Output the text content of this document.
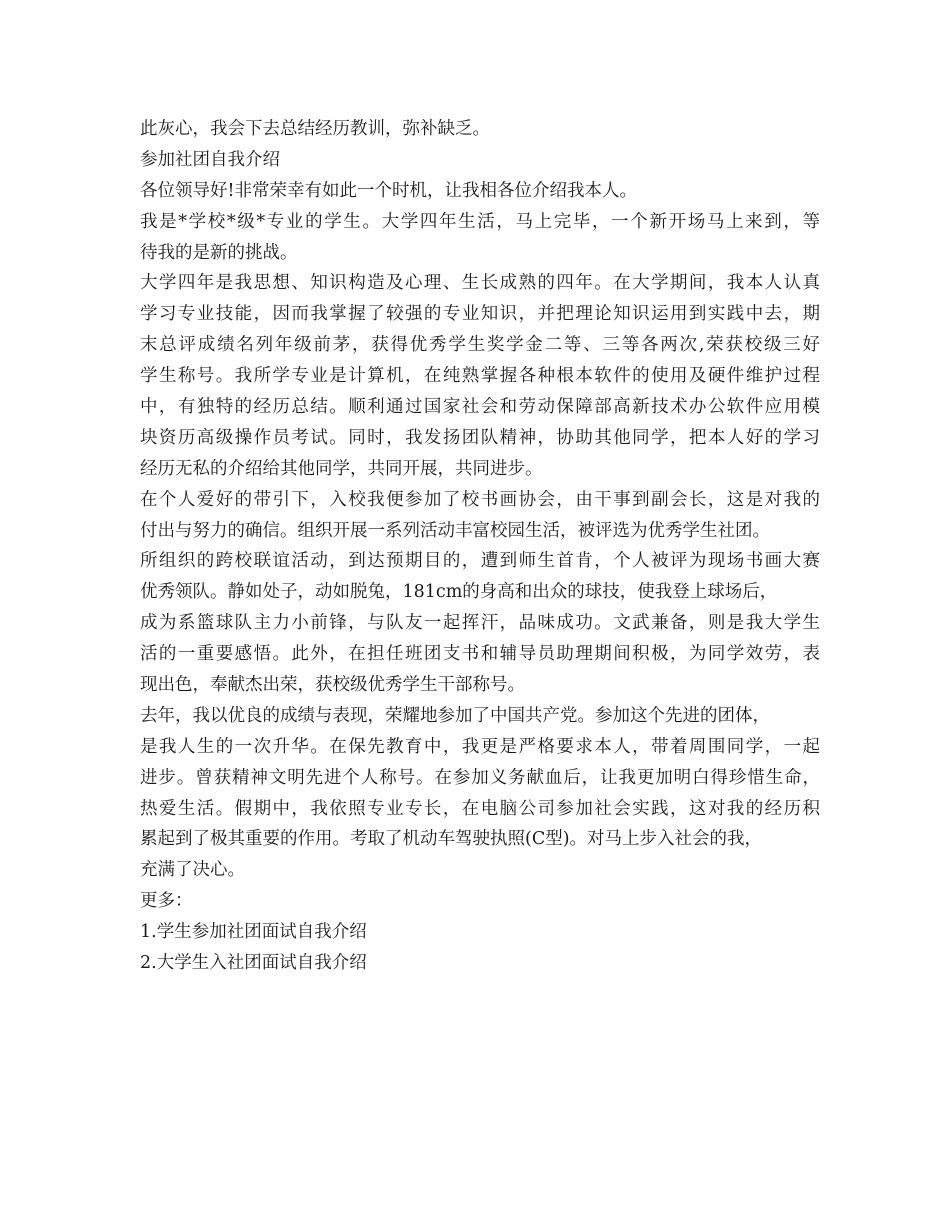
此灰心，我会下去总结经历教训，弥补缺乏。
参加社团自我介绍
各位领导好!非常荣幸有如此一个时机，让我相各位介绍我本人。
我是*学校*级*专业的学生。大学四年生活，马上完毕，一个新开场马上来到，等
待我的是新的挑战。
大学四年是我思想、知识构造及心理、生长成熟的四年。在大学期间，我本人认真
学习专业技能，因而我掌握了较强的专业知识，并把理论知识运用到实践中去，期
末总评成绩名列年级前茅，获得优秀学生奖学金二等、三等各两次,荣获校级三好
学生称号。我所学专业是计算机，在纯熟掌握各种根本软件的使用及硬件维护过程
中，有独特的经历总结。顺利通过国家社会和劳动保障部高新技术办公软件应用模
块资历高级操作员考试。同时，我发扬团队精神，协助其他同学，把本人好的学习
经历无私的介绍给其他同学，共同开展，共同进步。
在个人爱好的带引下，入校我便参加了校书画协会，由干事到副会长，这是对我的
付出与努力的确信。组织开展一系列活动丰富校园生活，被评选为优秀学生社团。
所组织的跨校联谊活动，到达预期目的，遭到师生首肯，个人被评为现场书画大赛
优秀领队。静如处子，动如脱兔，181cm的身高和出众的球技，使我登上球场后，
成为系篮球队主力小前锋，与队友一起挥汗，品味成功。文武兼备，则是我大学生
活的一重要感悟。此外，在担任班团支书和辅导员助理期间积极，为同学效劳，表
现出色，奉献杰出荣，获校级优秀学生干部称号。
去年，我以优良的成绩与表现，荣耀地参加了中国共产党。参加这个先进的团体，
是我人生的一次升华。在保先教育中，我更是严格要求本人，带着周围同学，一起
进步。曾获精神文明先进个人称号。在参加义务献血后，让我更加明白得珍惜生命，
热爱生活。假期中，我依照专业专长，在电脑公司参加社会实践，这对我的经历积
累起到了极其重要的作用。考取了机动车驾驶执照(C型)。对马上步入社会的我，
充满了决心。
更多：
1.学生参加社团面试自我介绍
2.大学生入社团面试自我介绍
